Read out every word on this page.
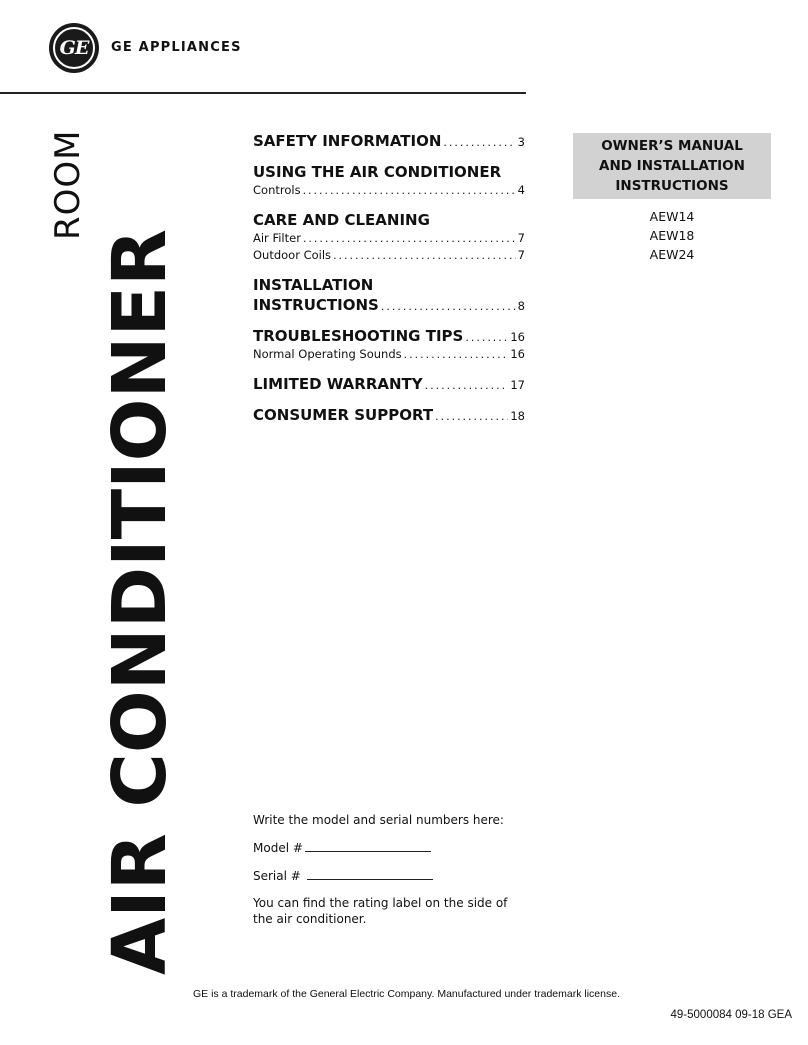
GE	GE APPLIANCES
ROOM
AIR CONDITIONER
SAFETY INFORMATION .....	3
USING THE AIR CONDITIONER
Controls .....	4
CARE AND CLEANING
Air Filter .....	7
Outdoor Coils .....	7
INSTALLATION
INSTRUCTIONS .....	8
TROUBLESHOOTING TIPS .....	16
Normal Operating Sounds .....	16
LIMITED WARRANTY .....	17
CONSUMER SUPPORT .....	18
OWNER’S MANUAL
AND INSTALLATION
INSTRUCTIONS
AEW14
AEW18
AEW24

Write the model and serial numbers here:

Model #

Serial #

You can find the rating label on the side of the air conditioner.

GE is a trademark of the General Electric Company. Manufactured under trademark license.
49-5000084 09-18 GEA
